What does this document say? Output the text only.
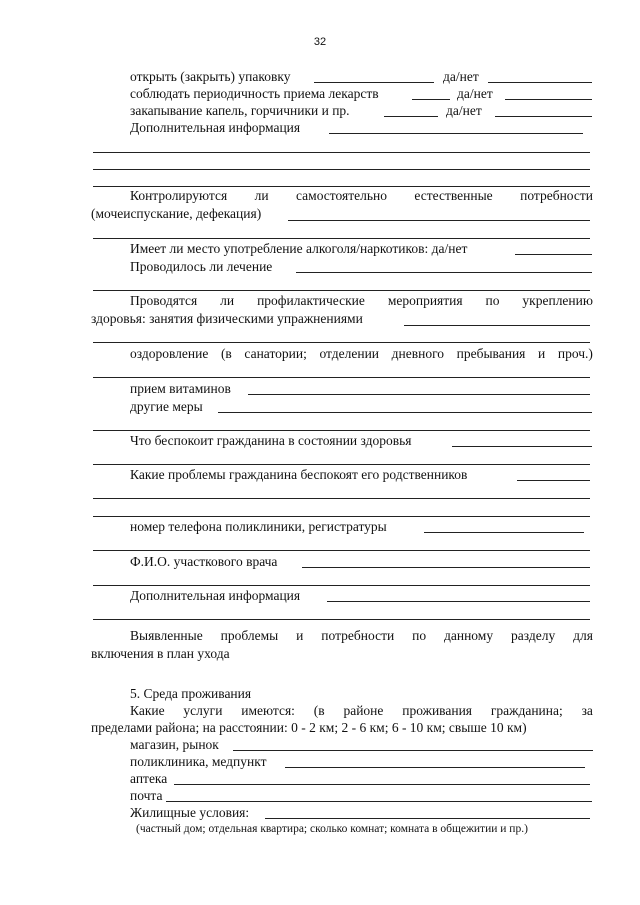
32
открыть (закрыть) упаковку	да/нет
соблюдать периодичность приема лекарств	да/нет
закапывание капель, горчичники и пр.	да/нет
Дополнительная информация
Контролируются ли самостоятельно естественные потребности
(мочеиспускание, дефекация)
Имеет ли место употребление алкоголя/наркотиков: да/нет
Проводилось ли лечение
Проводятся ли профилактические мероприятия по укреплению
здоровья: занятия физическими упражнениями
оздоровление (в санатории; отделении дневного пребывания и проч.)
прием витаминов
другие меры
Что беспокоит гражданина в состоянии здоровья
Какие проблемы гражданина беспокоят его родственников
номер телефона поликлиники, регистратуры
Ф.И.О. участкового врача
Дополнительная информация
Выявленные проблемы и потребности по данному разделу для
включения в план ухода
5. Среда проживания
Какие услуги имеются: (в районе проживания гражданина; за
пределами района; на расстоянии: 0 - 2 км; 2 - 6 км; 6 - 10 км; свыше 10 км)
магазин, рынок
поликлиника, медпункт
аптека
почта
Жилищные условия:
(частный дом; отдельная квартира; сколько комнат; комната в общежитии и пр.)
